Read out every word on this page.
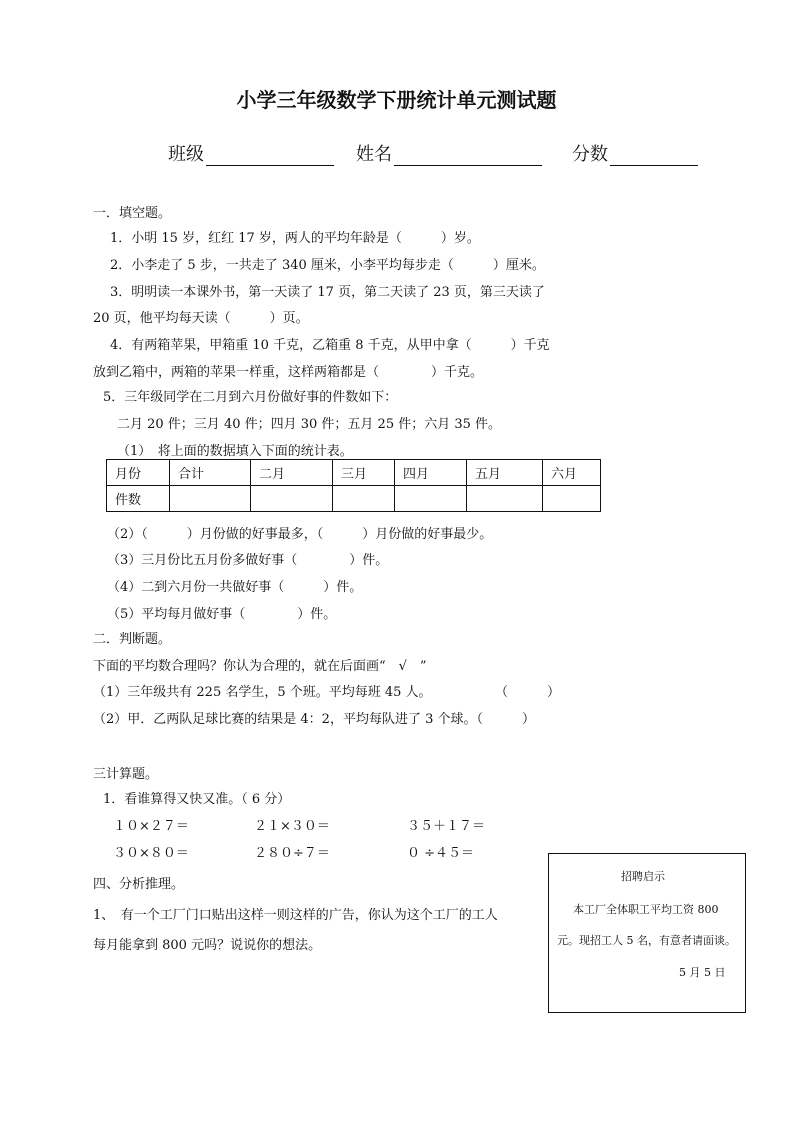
小学三年级数学下册统计单元测试题
班级	姓名	分数
一．填空题。
1．小明 15 岁，红红 17 岁，两人的平均年龄是（　　　）岁。
2．小李走了 5 步，一共走了 340 厘米，小李平均每步走（　　　）厘米。
3．明明读一本课外书，第一天读了 17 页，第二天读了 23 页，第三天读了
20 页，他平均每天读（　　　）页。
4．有两箱苹果，甲箱重 10 千克，乙箱重 8 千克，从甲中拿（　　　）千克
放到乙箱中，两箱的苹果一样重，这样两箱都是（　　　　）千克。
5．三年级同学在二月到六月份做好事的件数如下：
二月 20 件；三月 40 件；四月 30 件；五月 25 件；六月 35 件。
（1）　将上面的数据填入下面的统计表。
月份	合计	二月	三月	四月	五月	六月
件数						
（2）（　　　）月份做的好事最多，（　　　）月份做的好事最少。
（3）三月份比五月份多做好事（　　　　）件。
（4）二到六月份一共做好事（　　　）件。
（5）平均每月做好事（　　　　）件。
二．判断题。
下面的平均数合理吗？你认为合理的，就在后面画“　√　”
（1）三年级共有 225 名学生，5 个班。平均每班 45 人。	（　　　）
（2）甲．乙两队足球比赛的结果是 4：2，平均每队进了 3 个球。（　　　）
三计算题。
1．看谁算得又快又准。（ 6 分）
１０×２７＝	２１×３０＝	３５＋１７＝
３０×８０＝	２８０÷７＝	０ ÷４５＝
四、分析推理。
1、　有一个工厂门口贴出这样一则这样的广告，你认为这个工厂的工人
每月能拿到 800 元吗？说说你的想法。
招聘启示
本工厂全体职工平均工资 800
元。现招工人 5 名，有意者请面谈。
5 月 5 日
